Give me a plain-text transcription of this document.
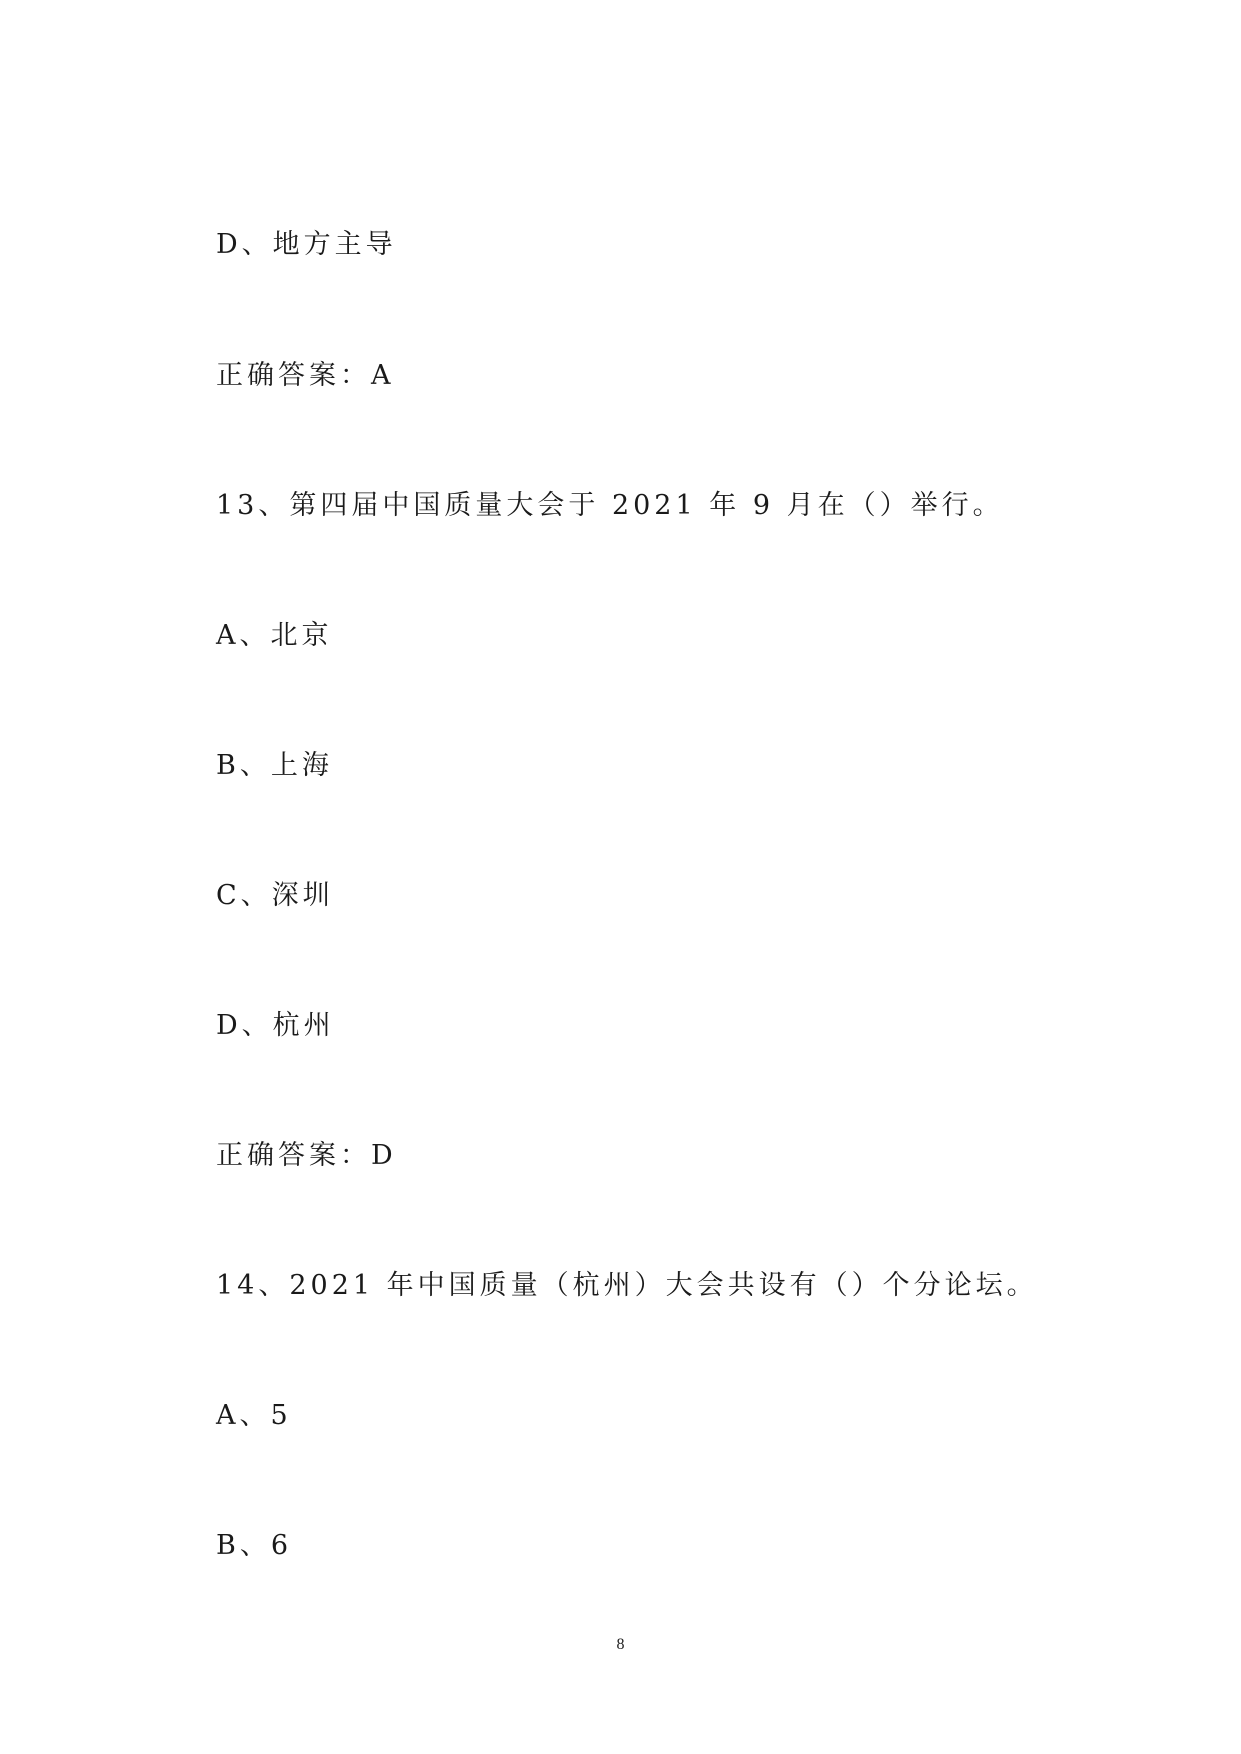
D、地方主导
正确答案：A
13、第四届中国质量大会于 2021 年 9 月在（）举行。
A、北京
B、上海
C、深圳
D、杭州
正确答案：D
14、2021 年中国质量（杭州）大会共设有（）个分论坛。
A、5
B、6
8
